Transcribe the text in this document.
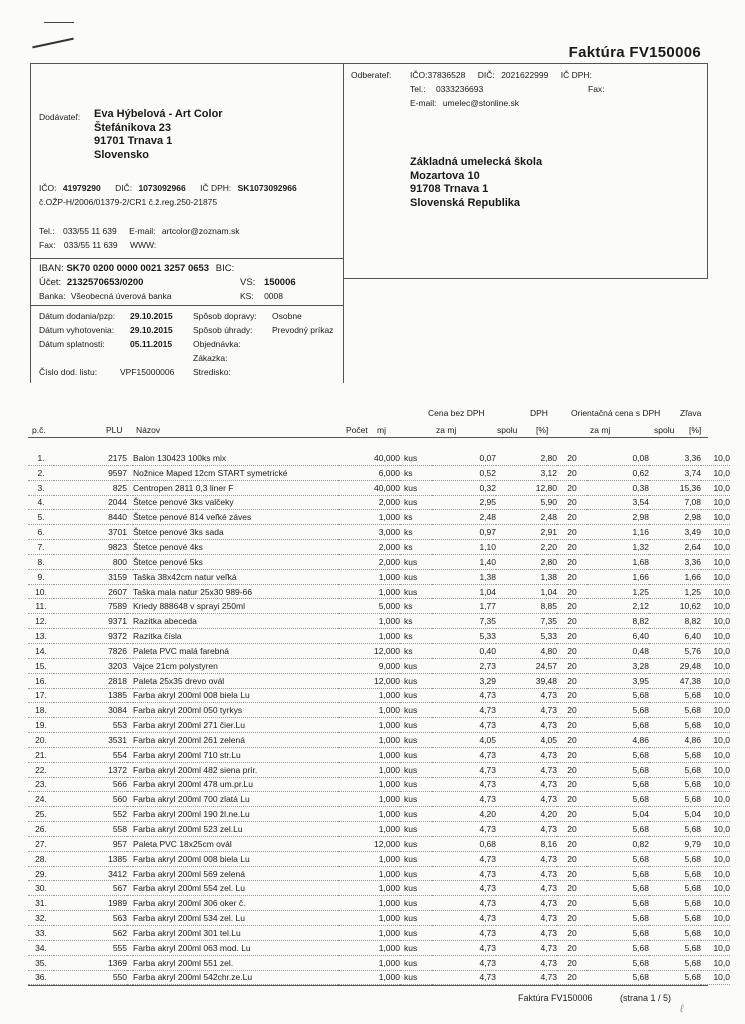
Faktúra FV150006
Dodávateľ: Eva Hýbelová - Art Color
Štefánikova 23
91701 Trnava 1
Slovensko
IČO: 41979290 DIČ: 1073092966 IČ DPH: SK1073092966
č.OŽP-H/2006/01379-2/CR1 č.ž.reg.250-21875
Tel.: 033/55 11 639 E-mail: artcolor@zoznam.sk
Fax: 033/55 11 639 WWW:
Odberateľ: IČO:37836528 DIČ: 2021622999 IČ DPH:
Tel.: 0333236693	Fax:
E-mail: umelec@stonline.sk
Základná umelecká škola
Mozartova 10
91708 Trnava 1
Slovenská Republika
IBAN: SK70 0200 0000 0021 3257 0653 BIC:
Účet: 2132570653/0200	VS: 150006
Banka: Všeobecná úverová banka	KS: 0008
Dátum dodania/pzp: 29.10.2015
Dátum vyhotovenia: 29.10.2015
Dátum splatnosti:	05.11.2015
Číslo dod. listu:	VPF15000006
Spôsob dopravy: Osobne
Spôsob úhrady: Prevodný príkaz
Objednávka:
Zákazka:
Stredisko:
Cena bez DPH	DPH	Orientačná cena s DPH Zľava
p.č.	PLU Názov	Počet mj	za mj	spolu [%]	za mj	spolu [%]
1.	2175		Balon 130423 100ks mix	40,000	kus	0,07	2,80	20	0,08	3,36	10,0
2.	9597		Nožnice Maped 12cm START symetrické	6,000	ks	0,52	3,12	20	0,62	3,74	10,0
3.	825		Centropen 2811 0,3 liner F	40,000	kus	0,32	12,80	20	0,38	15,36	10,0
4.	2044		Štetce penové 3ks valčeky	2,000	kus	2,95	5,90	20	3,54	7,08	10,0
5.	8440		Štetce penové 814 veľké záves	1,000	ks	2,48	2,48	20	2,98	2,98	10,0
6.	3701		Štetce penové 3ks sada	3,000	ks	0,97	2,91	20	1,16	3,49	10,0
7.	9823		Štetce penové 4ks	2,000	ks	1,10	2,20	20	1,32	2,64	10,0
8.	800		Štetce penové 5ks	2,000	kus	1,40	2,80	20	1,68	3,36	10,0
9.	3159		Taška 38x42cm natur veľká	1,000	kus	1,38	1,38	20	1,66	1,66	10,0
10.	2607		Taška mala natur 25x30 989-66	1,000	kus	1,04	1,04	20	1,25	1,25	10,0
11.	7589		Kriedy 888648 v sprayi 250ml	5,000	ks	1,77	8,85	20	2,12	10,62	10,0
12.	9371		Razítka abeceda	1,000	ks	7,35	7,35	20	8,82	8,82	10,0
13.	9372		Razítka čísla	1,000	ks	5,33	5,33	20	6,40	6,40	10,0
14.	7826		Paleta PVC malá farebná	12,000	ks	0,40	4,80	20	0,48	5,76	10,0
15.	3203		Vajce 21cm polystyren	9,000	kus	2,73	24,57	20	3,28	29,48	10,0
16.	2818		Paleta 25x35 drevo ovál	12,000	kus	3,29	39,48	20	3,95	47,38	10,0
17.	1385		Farba akryl 200ml 008 biela Lu	1,000	kus	4,73	4,73	20	5,68	5,68	10,0
18.	3084		Farba akryl 200ml 050 tyrkys	1,000	kus	4,73	4,73	20	5,68	5,68	10,0
19.	553		Farba akryl 200ml 271 čier.Lu	1,000	kus	4,73	4,73	20	5,68	5,68	10,0
20.	3531		Farba akryl 200ml 261 zelená	1,000	kus	4,05	4,05	20	4,86	4,86	10,0
21.	554		Farba akryl 200ml 710 str.Lu	1,000	kus	4,73	4,73	20	5,68	5,68	10,0
22.	1372		Farba akryl 200ml 482 siena prír.	1,000	kus	4,73	4,73	20	5,68	5,68	10,0
23.	566		Farba akryl 200ml 478 um.pr.Lu	1,000	kus	4,73	4,73	20	5,68	5,68	10,0
24.	560		Farba akryl 200ml 700 zlatá Lu	1,000	kus	4,73	4,73	20	5,68	5,68	10,0
25.	552		Farba akryl 200ml 190 žl.ne.Lu	1,000	kus	4,20	4,20	20	5,04	5,04	10,0
26.	558		Farba akryl 200ml 523 zel.Lu	1,000	kus	4,73	4,73	20	5,68	5,68	10,0
27.	957		Paleta PVC 18x25cm ovál	12,000	kus	0,68	8,16	20	0,82	9,79	10,0
28.	1385		Farba akryl 200ml 008 biela Lu	1,000	kus	4,73	4,73	20	5,68	5,68	10,0
29.	3412		Farba akryl 200ml 569 zelená	1,000	kus	4,73	4,73	20	5,68	5,68	10,0
30.	567		Farba akryl 200ml 554 zel. Lu	1,000	kus	4,73	4,73	20	5,68	5,68	10,0
31.	1989		Farba akryl 200ml 306 oker č.	1,000	kus	4,73	4,73	20	5,68	5,68	10,0
32.	563		Farba akryl 200ml 534 zel. Lu	1,000	kus	4,73	4,73	20	5,68	5,68	10,0
33.	562		Farba akryl 200ml 301 tel.Lu	1,000	kus	4,73	4,73	20	5,68	5,68	10,0
34.	555		Farba akryl 200ml 063 mod. Lu	1,000	kus	4,73	4,73	20	5,68	5,68	10,0
35.	1369		Farba akryl 200ml 551 zel.	1,000	kus	4,73	4,73	20	5,68	5,68	10,0
36.	550		Farba akryl 200ml 542chr.ze.Lu	1,000	kus	4,73	4,73	20	5,68	5,68	10,0
Faktúra FV150006	(strana 1 / 5)
ℓ
